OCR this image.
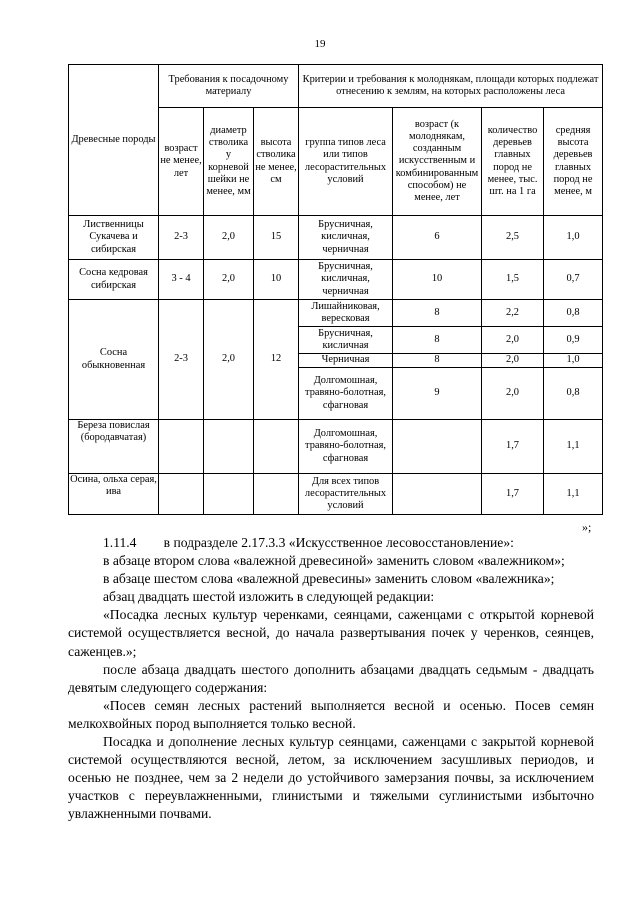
19
Древесные породы	Требования к посадочному материалу			Критерии и требования к молоднякам, площади которых подлежат отнесению к землям, на которых расположены леса			
	возраст не менее, лет	диаметр стволика у корневой шейки не менее, мм	высота стволика не менее, см	группа типов леса или типов лесорастительных условий	возраст (к молоднякам, созданным искусственным и комбинированным способом) не менее, лет	количество деревьев главных пород не менее, тыс. шт. на 1 га	средняя высота деревьев главных пород не менее, м
Лиственницы Сукачева и сибирская	2-3	2,0	15	Брусничная, кисличная, черничная	6	2,5	1,0
Сосна кедровая сибирская	3 - 4	2,0	10	Брусничная, кисличная, черничная	10	1,5	0,7
Сосна обыкновенная	2-3	2,0	12	Лишайниковая, вересковая	8	2,2	0,8
				Брусничная, кисличная	8	2,0	0,9
				Черничная	8	2,0	1,0
				Долгомошная, травяно-болотная, сфагновая	9	2,0	0,8
Береза повислая (бородавчатая)				Долгомошная, травяно-болотная, сфагновая		1,7	1,1
Осина, ольха серая, ива				Для всех типов лесорастительных условий		1,7	1,1
»;

1.11.4  в подразделе 2.17.3.3 «Искусственное лесовосстановление»:

в абзаце втором слова «валежной древесиной» заменить словом «валежником»;

в абзаце шестом слова «валежной древесины» заменить словом «валежника»;

абзац двадцать шестой изложить в следующей редакции:

«Посадка лесных культур черенками, сеянцами, саженцами с открытой корневой системой осуществляется весной, до начала развертывания почек у черенков, сеянцев, саженцев.»;

после абзаца двадцать шестого дополнить абзацами двадцать седьмым - двадцать девятым следующего содержания:

«Посев семян лесных растений выполняется весной и осенью. Посев семян мелкохвойных пород выполняется только весной.

Посадка и дополнение лесных культур сеянцами, саженцами с закрытой корневой системой осуществляются весной, летом, за исключением засушливых периодов, и осенью не позднее, чем за 2 недели до устойчивого замерзания почвы, за исключением участков с переувлажненными, глинистыми и тяжелыми суглинистыми избыточно увлажненными почвами.
